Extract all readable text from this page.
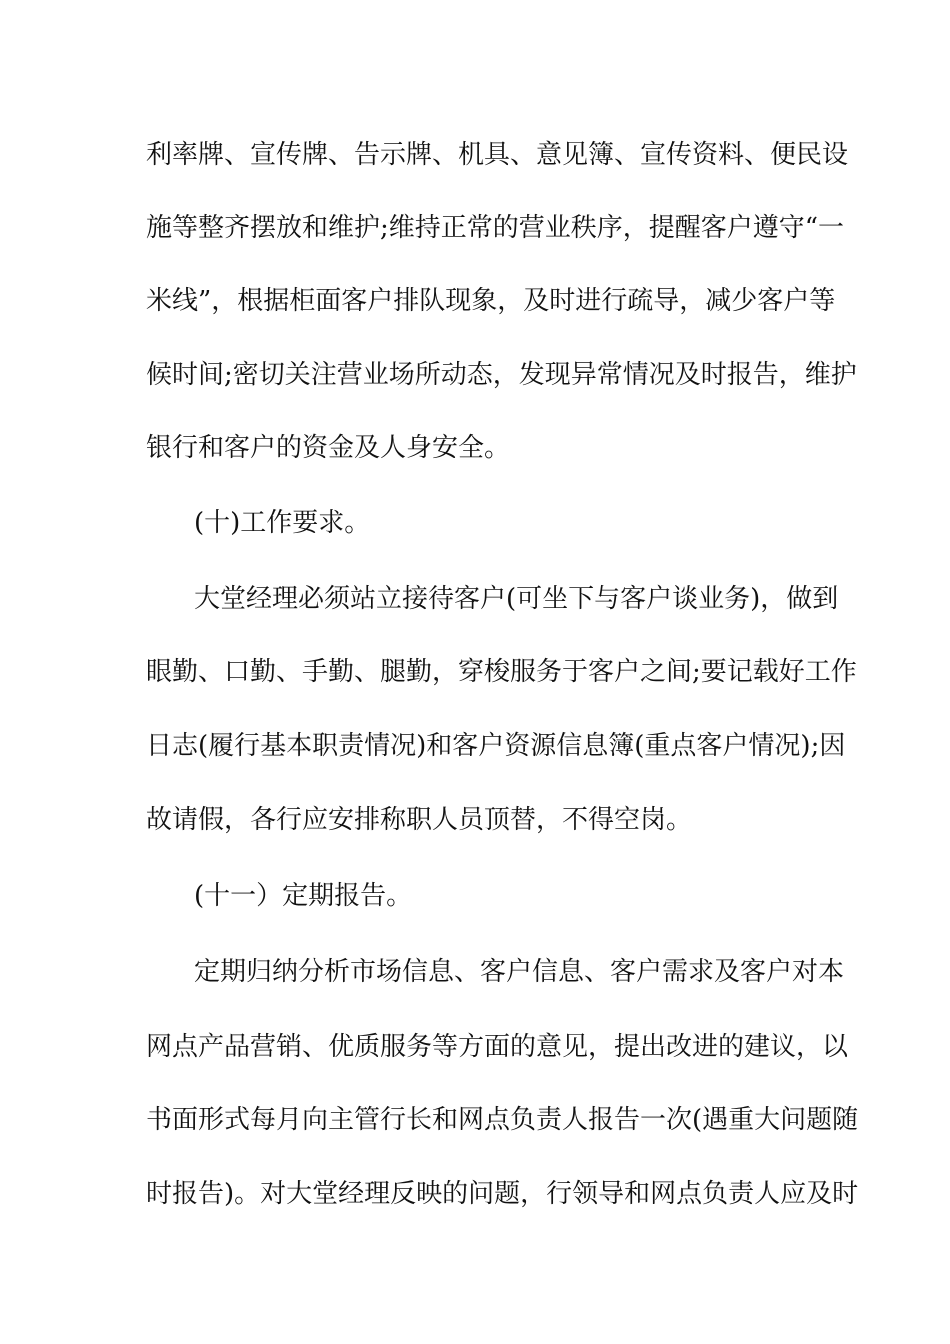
利率牌、宣传牌、告示牌、机具、意见簿、宣传资料、便民设
施等整齐摆放和维护;维持正常的营业秩序，提醒客户遵守“一
米线”，根据柜面客户排队现象，及时进行疏导，减少客户等
候时间;密切关注营业场所动态，发现异常情况及时报告，维护
银行和客户的资金及人身安全。
(十)工作要求。
大堂经理必须站立接待客户(可坐下与客户谈业务)，做到
眼勤、口勤、手勤、腿勤，穿梭服务于客户之间;要记载好工作
日志(履行基本职责情况)和客户资源信息簿(重点客户情况);因
故请假，各行应安排称职人员顶替，不得空岗。
(十一）定期报告。
定期归纳分析市场信息、客户信息、客户需求及客户对本
网点产品营销、优质服务等方面的意见，提出改进的建议，以
书面形式每月向主管行长和网点负责人报告一次(遇重大问题随
时报告)。对大堂经理反映的问题，行领导和网点负责人应及时
